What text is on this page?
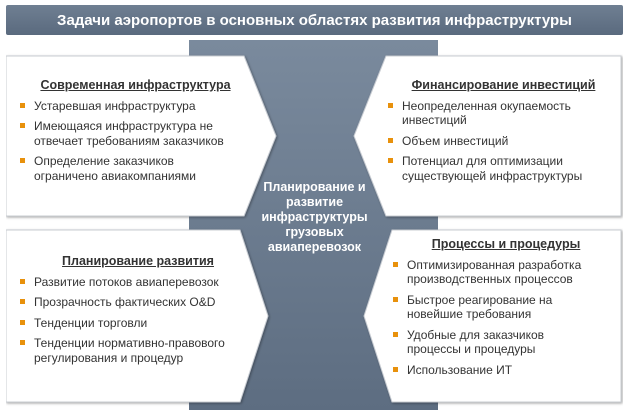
Задачи аэропортов в основных областях развития инфраструктуры
Планирование и
развитие
инфраструктуры
грузовых
авиаперевозок
Современная инфраструктура
Устаревшая инфраструктура
Имеющаяся инфраструктура не
отвечает требованиям заказчиков
Определение заказчиков
ограничено авиакомпаниями
Финансирование инвестиций
Неопределенная окупаемость
инвестиций
Объем инвестиций
Потенциал для оптимизации
существующей инфраструктуры
Планирование развития
Развитие потоков авиаперевозок
Прозрачность фактических O&D
Тенденции торговли
Тенденции нормативно-правового
регулирования и процедур
Процессы и процедуры
Оптимизированная разработка
производственных процессов
Быстрое реагирование на
новейшие требования
Удобные для заказчиков
процессы и процедуры
Использование ИТ
